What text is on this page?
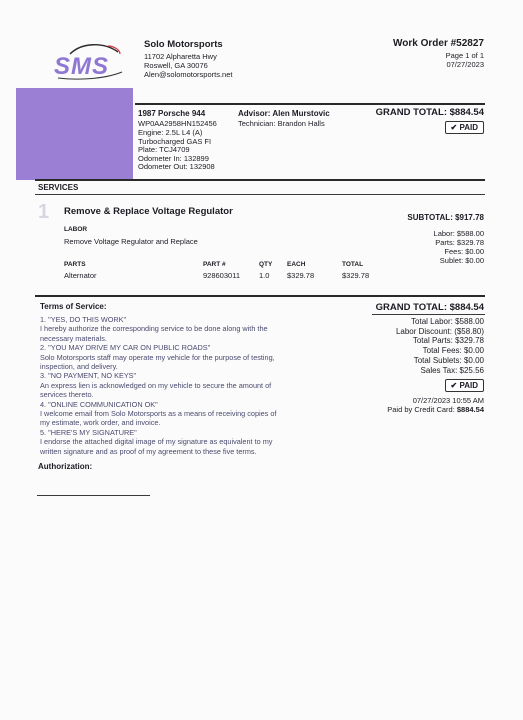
SMS
Solo Motorsports
11702 Alpharetta Hwy
Roswell, GA 30076
Alen@solomotorsports.net
Work Order #52827
Page 1 of 1
07/27/2023
1987 Porsche 944
WP0AA2958HN152456
Engine: 2.5L L4 (A)
Turbocharged GAS FI
Plate: TCJ4709
Odometer In: 132899
Odometer Out: 132908
Advisor: Alen Murstovic
Technician: Brandon Halls
GRAND TOTAL: $884.54
✔ PAID
SERVICES
1 Remove & Replace Voltage Regulator
SUBTOTAL: $917.78
LABOR
Remove Voltage Regulator and Replace
Labor: $588.00
Parts: $329.78
Fees: $0.00
Sublet: $0.00
PARTS	PART #	QTY EACH	TOTAL
Alternator	928603011	1.0 $329.78	$329.78
Terms of Service:
1. "YES, DO THIS WORK"
I hereby authorize the corresponding service to be done along with the
necessary materials.
2. "YOU MAY DRIVE MY CAR ON PUBLIC ROADS"
Solo Motorsports staff may operate my vehicle for the purpose of testing,
inspection, and delivery.
3. "NO PAYMENT, NO KEYS"
An express lien is acknowledged on my vehicle to secure the amount of
services thereto.
4. "ONLINE COMMUNICATION OK"
I welcome email from Solo Motorsports as a means of receiving copies of
my estimate, work order, and invoice.
5. "HERE'S MY SIGNATURE"
I endorse the attached digital image of my signature as equivalent to my
written signature and as proof of my agreement to these five terms.
Authorization:
GRAND TOTAL: $884.54
Total Labor: $588.00
Labor Discount: ($58.80)
Total Parts: $329.78
Total Fees: $0.00
Total Sublets: $0.00
Sales Tax: $25.56
✔ PAID
07/27/2023 10:55 AM
Paid by Credit Card: $884.54
